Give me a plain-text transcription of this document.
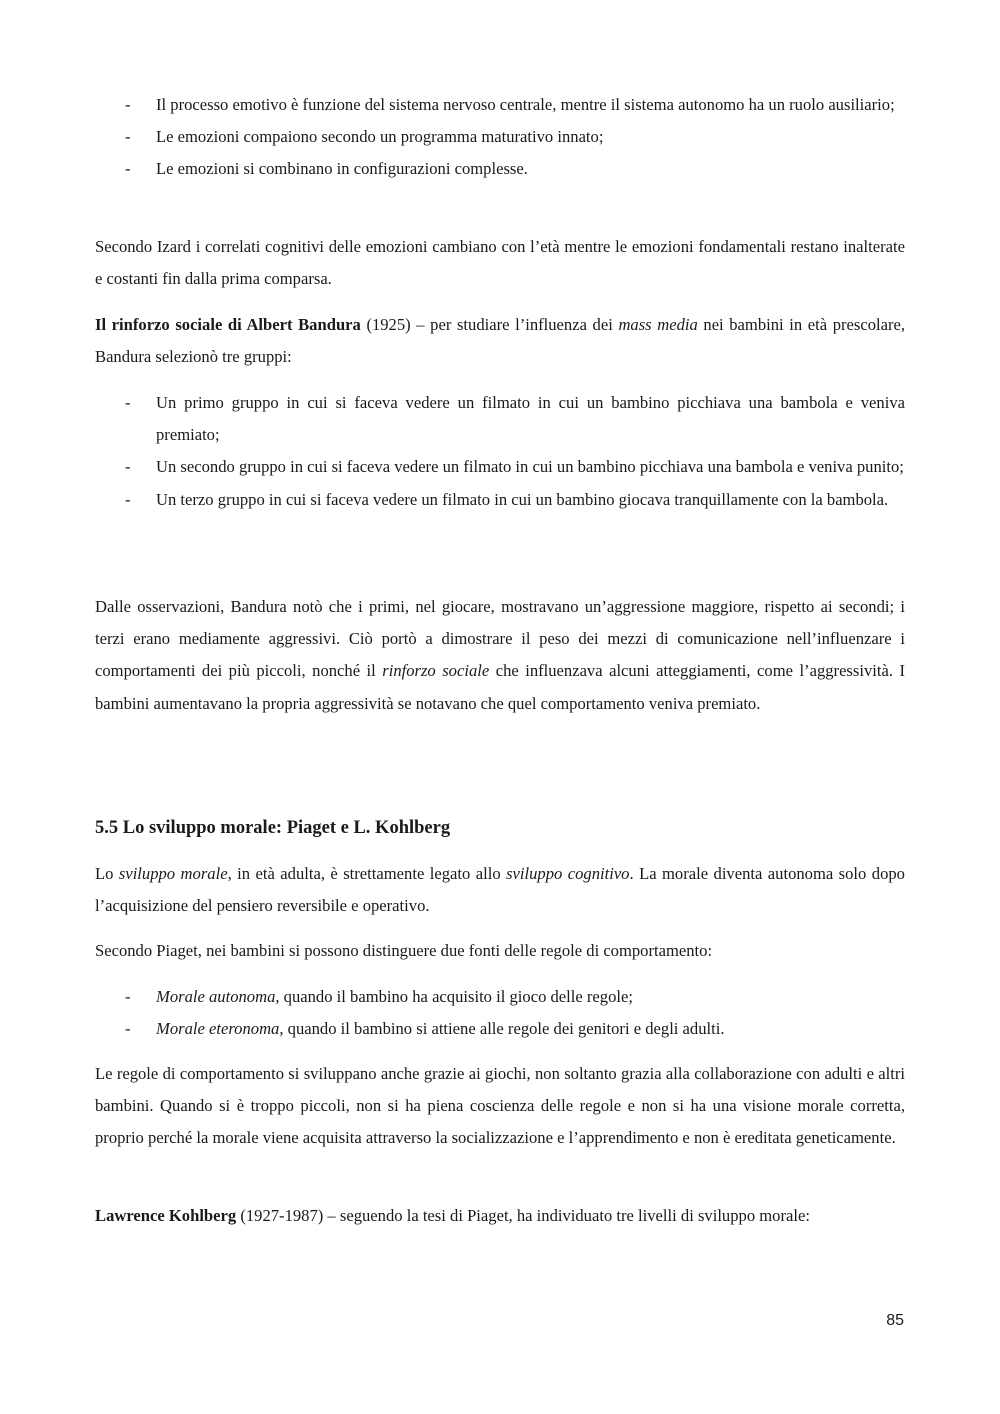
- Il processo emotivo è funzione del sistema nervoso centrale, mentre il sistema autonomo ha un ruolo ausiliario;
- Le emozioni compaiono secondo un programma maturativo innato;
- Le emozioni si combinano in configurazioni complesse.

Secondo Izard i correlati cognitivi delle emozioni cambiano con l’età mentre le emozioni fondamentali restano inalterate e costanti fin dalla prima comparsa.

Il rinforzo sociale di Albert Bandura (1925) – per studiare l’influenza dei mass media nei bambini in età prescolare, Bandura selezionò tre gruppi:

- Un primo gruppo in cui si faceva vedere un filmato in cui un bambino picchiava una bambola e veniva premiato;
- Un secondo gruppo in cui si faceva vedere un filmato in cui un bambino picchiava una bambola e veniva punito;
- Un terzo gruppo in cui si faceva vedere un filmato in cui un bambino giocava tranquillamente con la bambola.

Dalle osservazioni, Bandura notò che i primi, nel giocare, mostravano un’aggressione maggiore, rispetto ai secondi; i terzi erano mediamente aggressivi. Ciò portò a dimostrare il peso dei mezzi di comunicazione nell’influenzare i comportamenti dei più piccoli, nonché il rinforzo sociale che influenzava alcuni atteggiamenti, come l’aggressività. I bambini aumentavano la propria aggressività se notavano che quel comportamento veniva premiato.

5.5 Lo sviluppo morale: Piaget e L. Kohlberg

Lo sviluppo morale, in età adulta, è strettamente legato allo sviluppo cognitivo. La morale diventa autonoma solo dopo l’acquisizione del pensiero reversibile e operativo.

Secondo Piaget, nei bambini si possono distinguere due fonti delle regole di comportamento:

- Morale autonoma, quando il bambino ha acquisito il gioco delle regole;
- Morale eteronoma, quando il bambino si attiene alle regole dei genitori e degli adulti.

Le regole di comportamento si sviluppano anche grazie ai giochi, non soltanto grazia alla collaborazione con adulti e altri bambini. Quando si è troppo piccoli, non si ha piena coscienza delle regole e non si ha una visione morale corretta, proprio perché la morale viene acquisita attraverso la socializzazione e l’apprendimento e non è ereditata geneticamente.

Lawrence Kohlberg (1927-1987) – seguendo la tesi di Piaget, ha individuato tre livelli di sviluppo morale:

85
